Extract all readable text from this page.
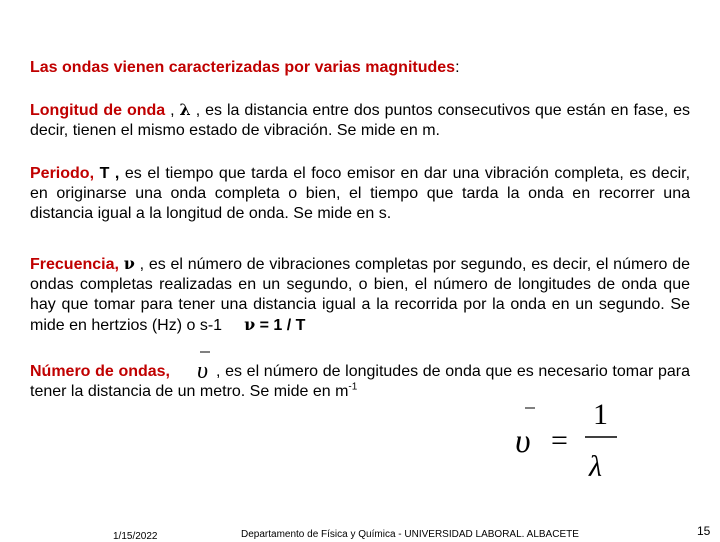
Las ondas vienen caracterizadas por varias magnitudes:
Longitud de onda , λ , es la distancia entre dos puntos consecutivos que están en fase, es decir, tienen el mismo estado de vibración. Se mide en m.
Periodo, T , es el tiempo que tarda el foco emisor en dar una vibración completa, es decir, en originarse una onda completa o bien, el tiempo que tarda la onda en recorrer una distancia igual a la longitud de onda. Se mide en s.
Frecuencia, ν , es el número de vibraciones completas por segundo, es decir, el número de ondas completas realizadas en un segundo, o bien, el número de longitudes de onda que hay que tomar para tener una distancia igual a la recorrida por la onda en un segundo. Se mide en hertzios (Hz) o s-1 ν = 1 / T
Número de ondas,	, es el número de longitudes de onda que es necesario tomar para tener la distancia de un metro. Se mide en $m^{-1}$
υ
υ =
1
λ
1/15/2022	Departamento de Física y Química - UNIVERSIDAD LABORAL. ALBACETE	15
